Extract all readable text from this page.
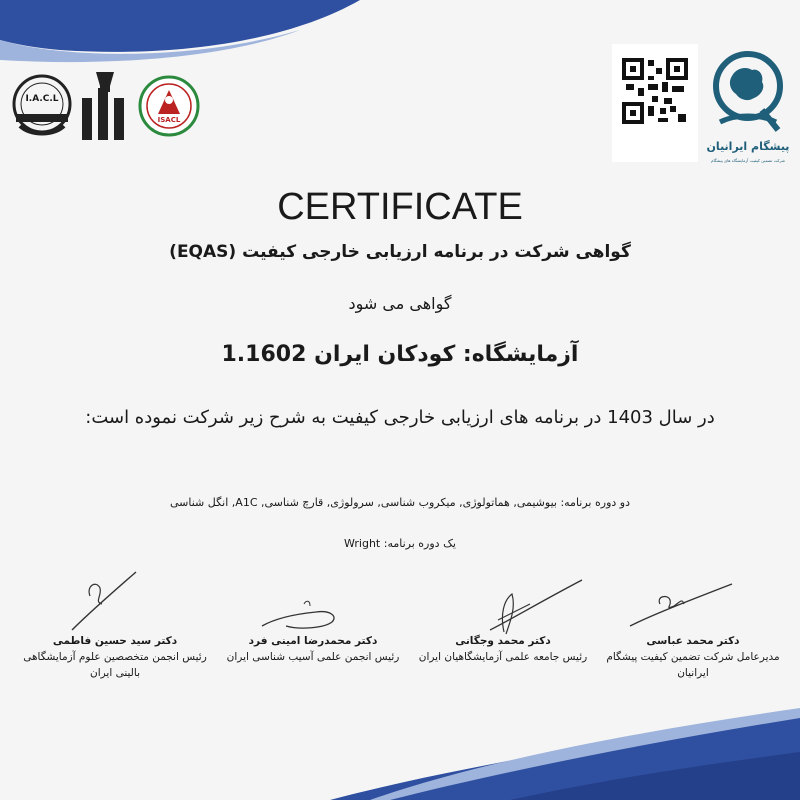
I.A.C.L
ISACL
پیشگام ایرانیان
شرکت تضمین کیفیت آزمایشگاه های پیشگام
CERTIFICATE
گواهی شرکت در برنامه ارزیابی خارجی کیفیت (EQAS)
گواهی می شود
آزمایشگاه: کودکان ایران 1.1602
در سال 1403 در برنامه های ارزیابی خارجی کیفیت به شرح زیر شرکت نموده است:
دو دوره برنامه: بیوشیمی, هماتولوژی, میکروب شناسی, سرولوژی, قارچ شناسی, A1C, انگل شناسی
یک دوره برنامه: Wright
دکتر محمد عباسی
مدیرعامل شرکت تضمین کیفیت پیشگام ایرانیان
دکتر محمد وجگانی
رئیس جامعه علمی آزمایشگاهیان ایران
دکتر محمدرضا امینی فرد
رئیس انجمن علمی آسیب شناسی ایران
دکتر سید حسین فاطمی
رئیس انجمن متخصصین علوم آزمایشگاهی بالینی ایران
